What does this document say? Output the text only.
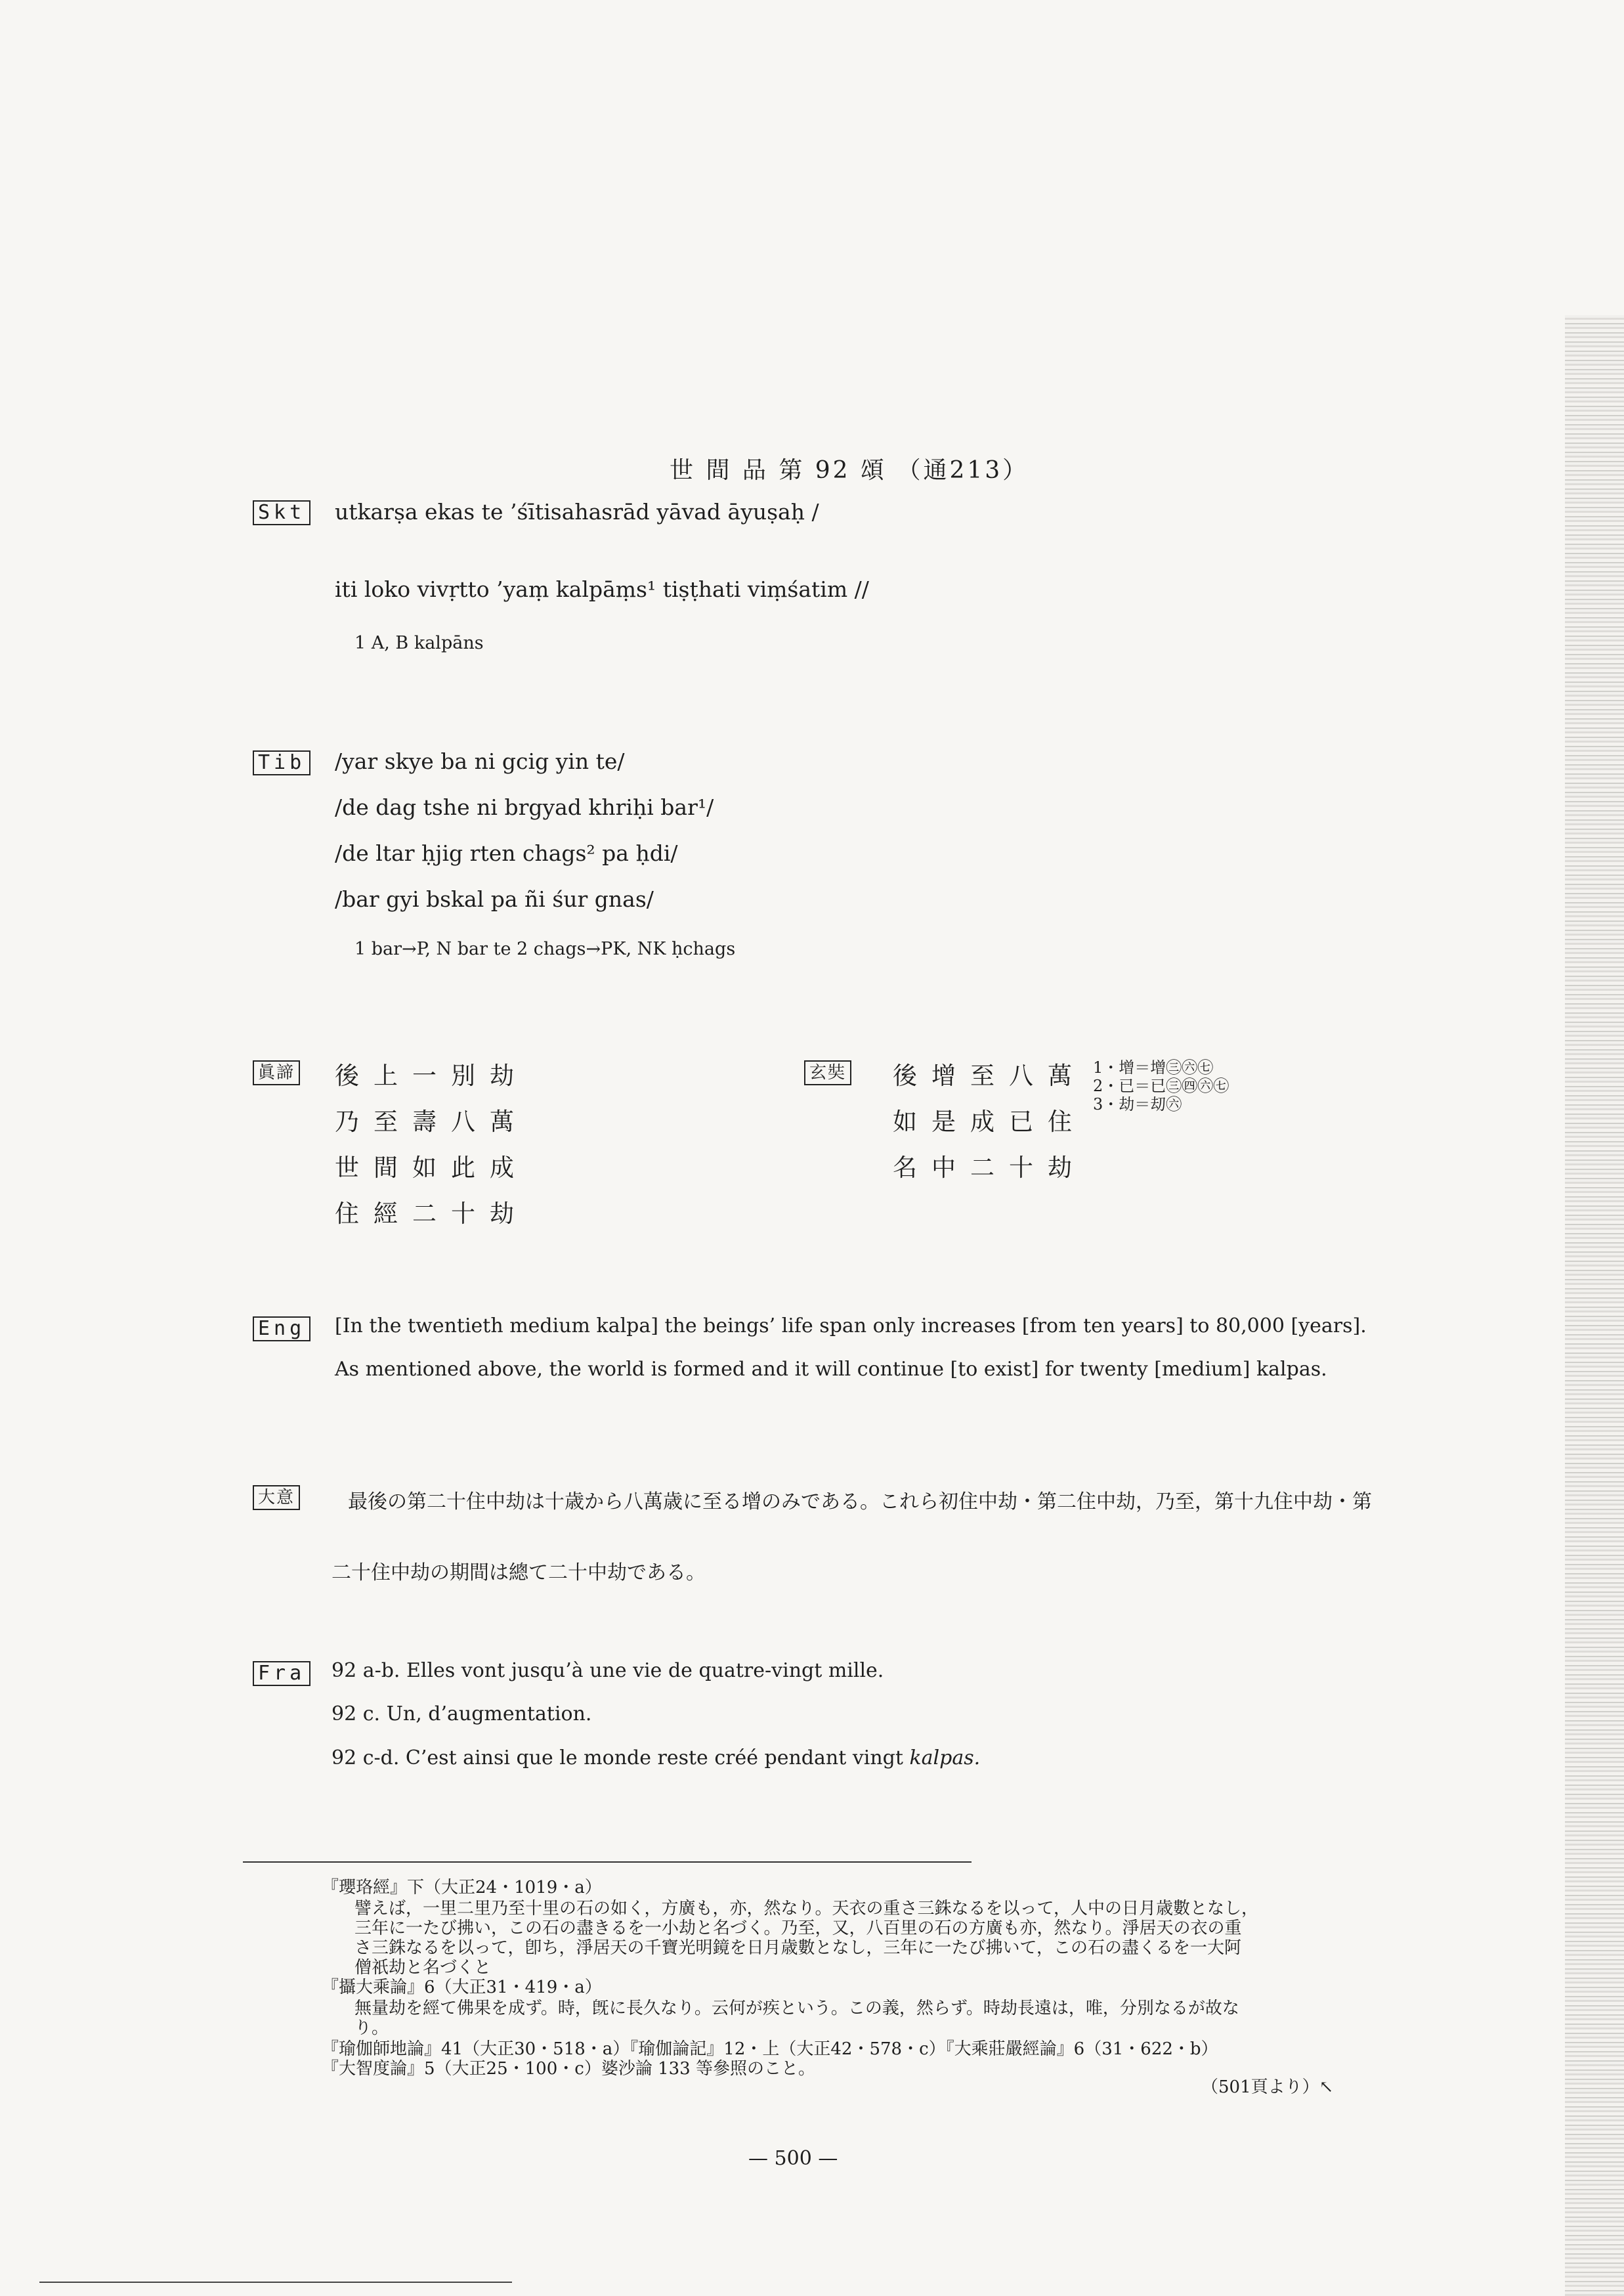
世 間 品 第 92 頌 （通213）
Skt utkarṣa ekas te ’śītisahasrād yāvad āyuṣaḥ /
iti loko vivṛtto ’yaṃ kalpāṃs¹ tiṣṭhati viṃśatim //
1 A, B kalpāns
Tib /yar skye ba ni gcig yin te/
/de dag tshe ni brgyad khriḥi bar¹/
/de ltar ḥjig rten chags² pa ḥdi/
/bar gyi bskal pa ñi śur gnas/
1 bar→P, N bar te 2 chags→PK, NK ḥchags
眞諦 後上一別劫
乃至壽八萬
世間如此成
住經二十劫
玄奘 後增至八萬
如是成已住
名中二十劫
1・增＝增㊂㊅㊆
2・已＝已㊂㊃㊅㊆
3・劫＝刧㊅
Eng [In the twentieth medium kalpa] the beings’ life span only increases [from ten years] to 80,000 [years].
As mentioned above, the world is formed and it will continue [to exist] for twenty [medium] kalpas.
大意	最後の第二十住中劫は十歳から八萬歳に至る增のみである。これら初住中劫・第二住中劫，乃至，第十九住中劫・第
二十住中劫の期間は總て二十中劫である。
Fra 92 a-b. Elles vont jusqu’à une vie de quatre-vingt mille.
92 c. Un, d’augmentation.
92 c-d. C’est ainsi que le monde reste créé pendant vingt kalpas.
『瓔珞經』下（大正24・1019・a）
譬えば，一里二里乃至十里の石の如く，方廣も，亦，然なり。天衣の重さ三銖なるを以って，人中の日月歳數となし，
三年に一たび拂い，この石の盡きるを一小劫と名づく。乃至，又，八百里の石の方廣も亦，然なり。淨居天の衣の重
さ三銖なるを以って，卽ち，淨居天の千寶光明鏡を日月歳數となし，三年に一たび拂いて，この石の盡くるを一大阿
僧祇劫と名づくと
『攝大乘論』6（大正31・419・a）
無量劫を經て佛果を成ず。時，旣に長久なり。云何が疾という。この義，然らず。時劫長遠は，唯，分別なるが故な
り。
『瑜伽師地論』41（大正30・518・a）『瑜伽論記』12・上（大正42・578・c）『大乘莊嚴經論』6（31・622・b）
『大智度論』5（大正25・100・c）婆沙論 133 等參照のこと。
（501頁より）↖
— 500 —
